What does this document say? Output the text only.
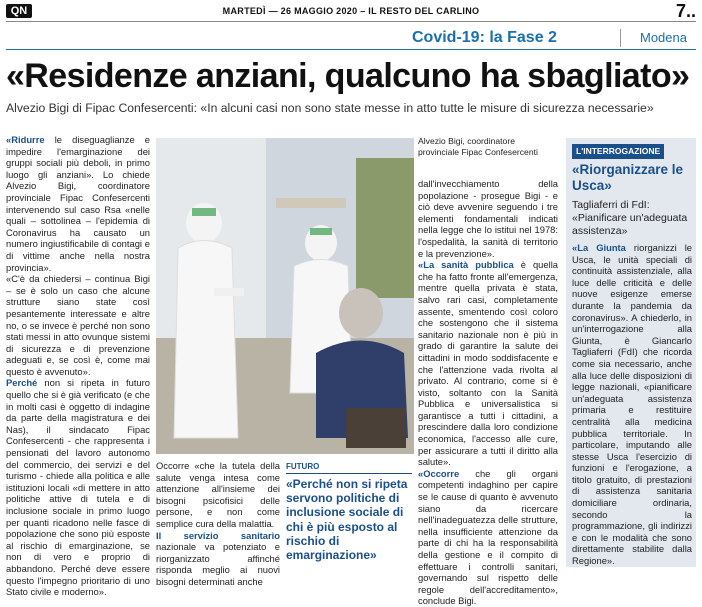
QN	MARTEDÌ — 26 MAGGIO 2020 – IL RESTO DEL CARLINO	7..
Covid-19: la Fase 2	Modena
«Residenze anziani, qualcuno ha sbagliato»
Alvezio Bigi di Fipac Confesercenti: «In alcuni casi non sono state messe in atto tutte le misure di sicurezza necessarie»

«Ridurre le diseguaglianze e impedire l'emarginazione dei gruppi sociali più deboli, in primo luogo gli anziani». Lo chiede Alvezio Bigi, coordinatore provinciale Fipac Confesercenti intervenendo sul caso Rsa «nelle quali – sottolinea – l'epidemia di Coronavirus ha causato un numero ingiustificabile di contagi e di vittime anche nella nostra provincia».

«C'è da chiedersi – continua Bigi – se è solo un caso che alcune strutture siano state così pesantemente interessate e altre no, o se invece è perché non sono stati messi in atto ovunque sistemi di sicurezza e di prevenzione adeguati e, se così è, come mai questo è avvenuto».

Perché non si ripeta in futuro quello che si è già verificato (e che in molti casi è oggetto di indagine da parte della magistratura e dei Nas), il sindacato Fipac Confesercenti - che rappresenta i pensionati del lavoro autonomo del commercio, dei servizi e del turismo - chiede alla politica e alle istituzioni locali «di mettere in atto politiche attive di tutela e di inclusione sociale in primo luogo per quanti ricadono nelle fasce di popolazione che sono più esposte al rischio di emarginazione, se non di vero e proprio di abbandono. Perché deve essere questo l'impegno prioritario di uno Stato civile e moderno».

Occorre «che la tutela della salute venga intesa come attenzione all'insieme dei bisogni psicofisici delle persone, e non come semplice cura della malattia.

Il servizio sanitario nazionale va potenziato e riorganizzato affinché risponda meglio ai nuovi bisogni determinati anche

FUTURO
«Perché non si ripeta servono politiche di inclusione sociale di chi è più esposto al rischio di emarginazione»
Alvezio Bigi, coordinatore provinciale Fipac Confesercenti

dall'invecchiamento della popolazione - prosegue Bigi - e ciò deve avvenire seguendo i tre elementi fondamentali indicati nella legge che lo istitui nel 1978: l'ospedalità, la sanità di territorio e la prevenzione».

«La sanità pubblica è quella che ha fatto fronte all'emergenza, mentre quella privata è stata, salvo rari casi, completamente assente, smentendo così coloro che sostengono che il sistema sanitario nazionale non è più in grado di garantire la salute dei cittadini in modo soddisfacente e che l'attenzione vada rivolta al privato. Al contrario, come si è visto, soltanto con la Sanità Pubblica e universalistica si garantisce a tutti i cittadini, a prescindere dalla loro condizione economica, l'accesso alle cure, per assicurare a tutti il diritto alla salute».

«Occorre che gli organi competenti indaghino per capire se le cause di quanto è avvenuto siano da ricercare nell'inadeguatezza delle strutture, nella insufficiente attenzione da parte di chi ha la responsabilità della gestione e il compito di effettuare i controlli sanitari, governando sul rispetto delle regole dell'accreditamento», conclude Bigi.

L'INTERROGAZIONE
«Riorganizzare le Usca»
Tagliaferri di FdI: «Pianificare un'adeguata assistenza»

«La Giunta riorganizzi le Usca, le unità speciali di continuità assistenziale, alla luce delle criticità e delle nuove esigenze emerse durante la pandemia da coronavirus». A chiederlo, in un'interrogazione alla Giunta, è Giancarlo Tagliaferri (FdI) che ricorda come sia necessario, anche alla luce delle disposizioni di legge nazionali, «pianificare un'adeguata assistenza primaria e restituire centralità alla medicina pubblica territoriale. In particolare, imputando alle stesse Usca l'esercizio di funzioni e l'erogazione, a titolo gratuito, di prestazioni di assistenza sanitaria domiciliare ordinaria, secondo la programmazione, gli indirizzi e con le modalità che sono direttamente stabilite dalla Regione».
